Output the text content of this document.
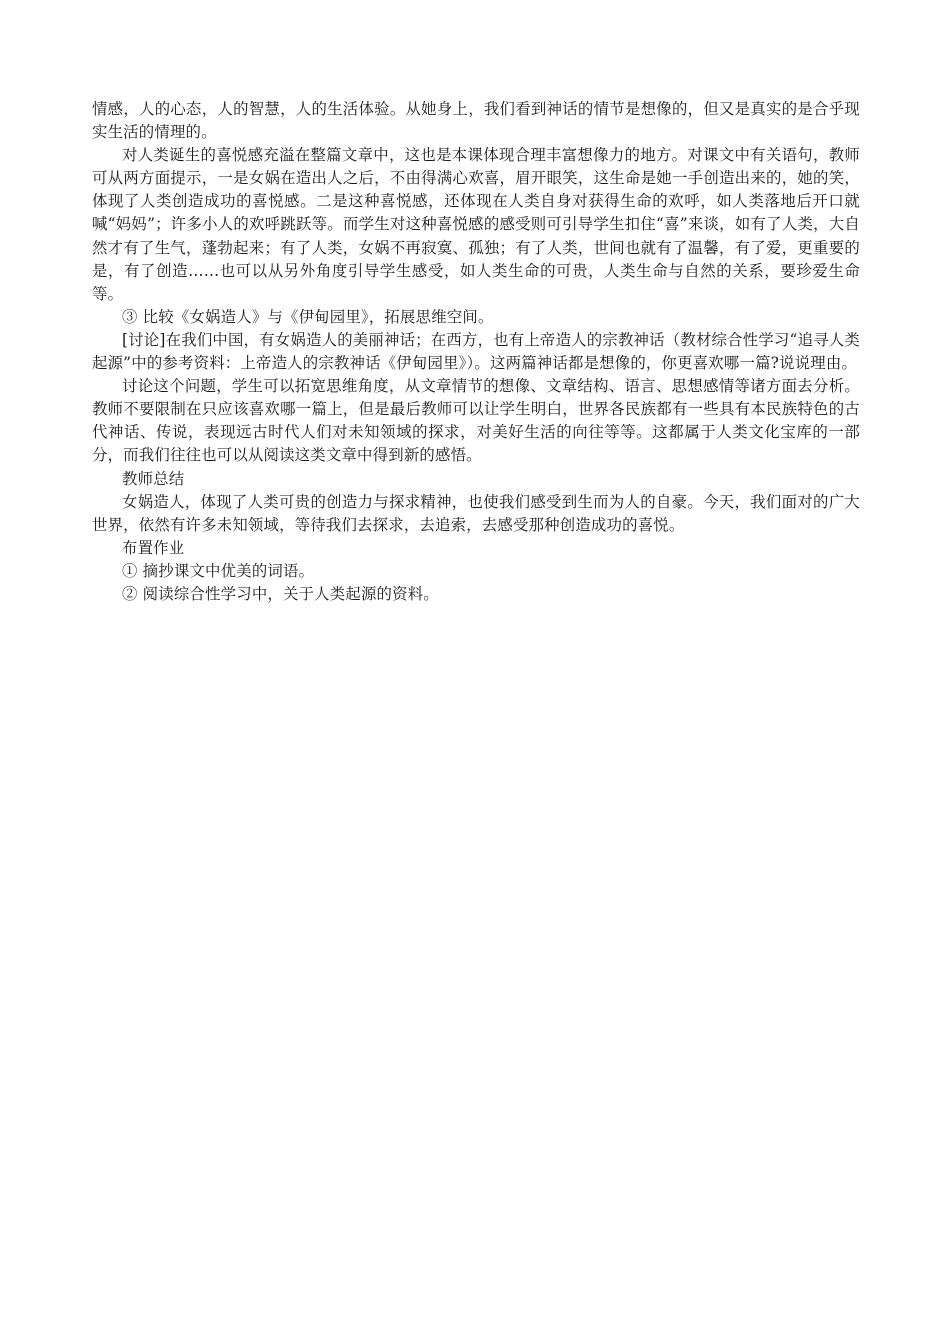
情感，人的心态，人的智慧，人的生活体验。从她身上，我们看到神话的情节是想像的，但又是真实的是合乎现实生活的情理的。

对人类诞生的喜悦感充溢在整篇文章中，这也是本课体现合理丰富想像力的地方。对课文中有关语句，教师可从两方面提示，一是女娲在造出人之后，不由得满心欢喜，眉开眼笑，这生命是她一手创造出来的，她的笑，体现了人类创造成功的喜悦感。二是这种喜悦感，还体现在人类自身对获得生命的欢呼，如人类落地后开口就喊“妈妈”；许多小人的欢呼跳跃等。而学生对这种喜悦感的感受则可引导学生扣住“喜”来谈，如有了人类，大自然才有了生气，蓬勃起来；有了人类，女娲不再寂寞、孤独；有了人类，世间也就有了温馨，有了爱，更重要的是，有了创造……也可以从另外角度引导学生感受，如人类生命的可贵，人类生命与自然的关系，要珍爱生命等。

③ 比较《女娲造人》与《伊甸园里》，拓展思维空间。

[讨论]在我们中国，有女娲造人的美丽神话；在西方，也有上帝造人的宗教神话（教材综合性学习“追寻人类起源”中的参考资料：上帝造人的宗教神话《伊甸园里》）。这两篇神话都是想像的，你更喜欢哪一篇?说说理由。

讨论这个问题，学生可以拓宽思维角度，从文章情节的想像、文章结构、语言、思想感情等诸方面去分析。教师不要限制在只应该喜欢哪一篇上，但是最后教师可以让学生明白，世界各民族都有一些具有本民族特色的古代神话、传说，表现远古时代人们对未知领域的探求，对美好生活的向往等等。这都属于人类文化宝库的一部分，而我们往往也可以从阅读这类文章中得到新的感悟。

教师总结

女娲造人，体现了人类可贵的创造力与探求精神，也使我们感受到生而为人的自豪。今天，我们面对的广大世界，依然有许多未知领域，等待我们去探求，去追索，去感受那种创造成功的喜悦。

布置作业

① 摘抄课文中优美的词语。

② 阅读综合性学习中，关于人类起源的资料。
